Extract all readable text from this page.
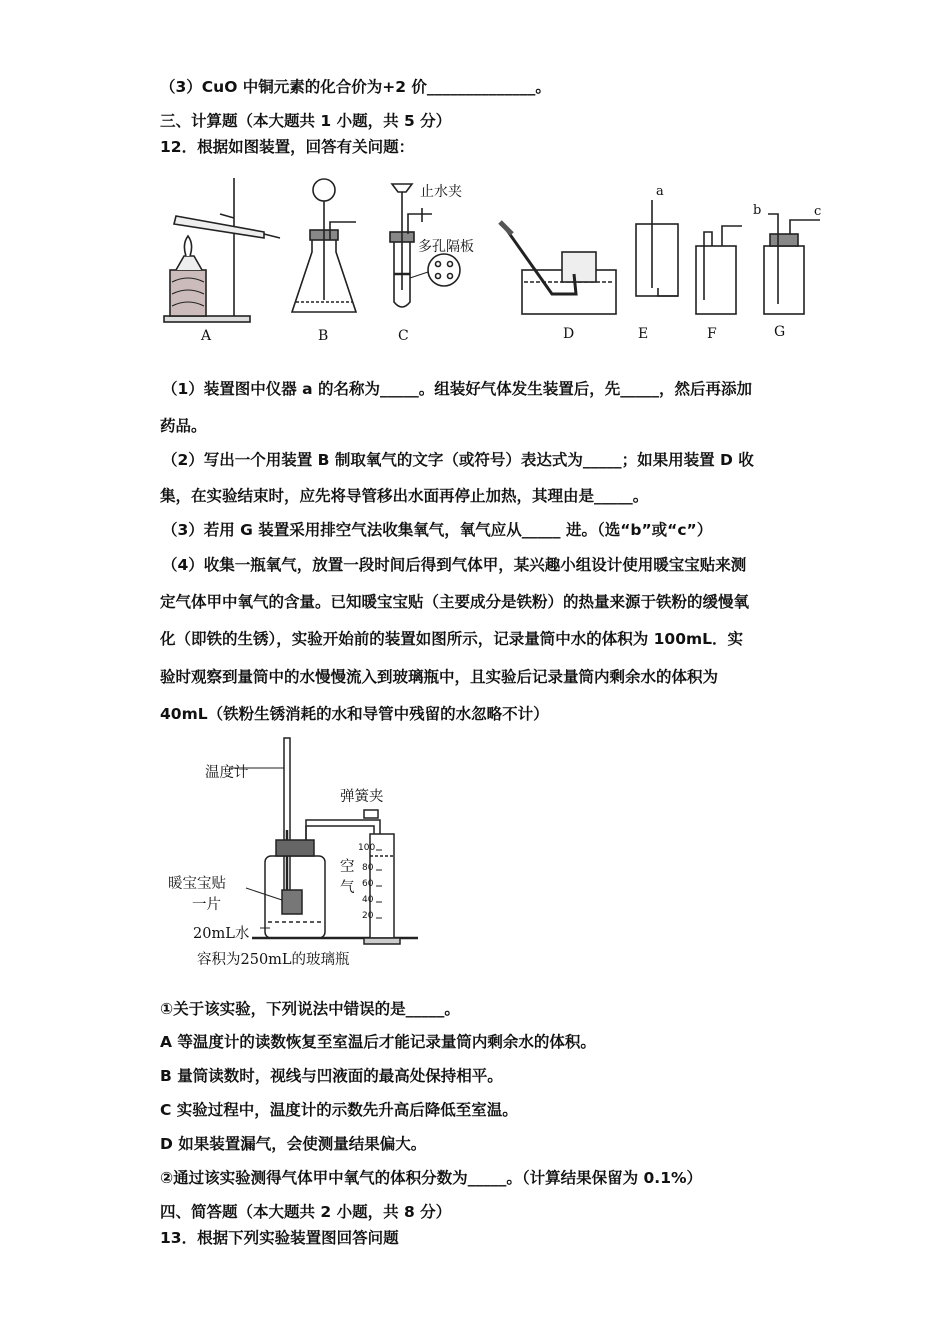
（3）CuO 中铜元素的化合价为+2 价______________。
三、计算题（本大题共 1 小题，共 5 分）
12．根据如图装置，回答有关问题：
A	B	C	D	E	F	G
止水夹
多孔隔板
a
b	c
（1）装置图中仪器 a 的名称为_____。组装好气体发生装置后，先_____，然后再添加
药品。
（2）写出一个用装置 B 制取氧气的文字（或符号）表达式为_____；如果用装置 D 收
集，在实验结束时，应先将导管移出水面再停止加热，其理由是_____。
（3）若用 G 装置采用排空气法收集氧气，氧气应从_____ 进。（选“b”或“c”）
（4）收集一瓶氧气，放置一段时间后得到气体甲，某兴趣小组设计使用暖宝宝贴来测
定气体甲中氧气的含量。已知暖宝宝贴（主要成分是铁粉）的热量来源于铁粉的缓慢氧
化（即铁的生锈），实验开始前的装置如图所示，记录量筒中水的体积为 100mL．实
验时观察到量筒中的水慢慢流入到玻璃瓶中，且实验后记录量筒内剩余水的体积为
40mL（铁粉生锈消耗的水和导管中残留的水忽略不计）
温度计
弹簧夹
空
气
暖宝宝贴
一片
20mL水
容积为250mL的玻璃瓶
100
80
60
40
20
①关于该实验，下列说法中错误的是_____。
A 等温度计的读数恢复至室温后才能记录量筒内剩余水的体积。
B 量筒读数时，视线与凹液面的最高处保持相平。
C 实验过程中，温度计的示数先升高后降低至室温。
D 如果装置漏气，会使测量结果偏大。
②通过该实验测得气体甲中氧气的体积分数为_____。（计算结果保留为 0.1%）
四、简答题（本大题共 2 小题，共 8 分）
13．根据下列实验装置图回答问题
